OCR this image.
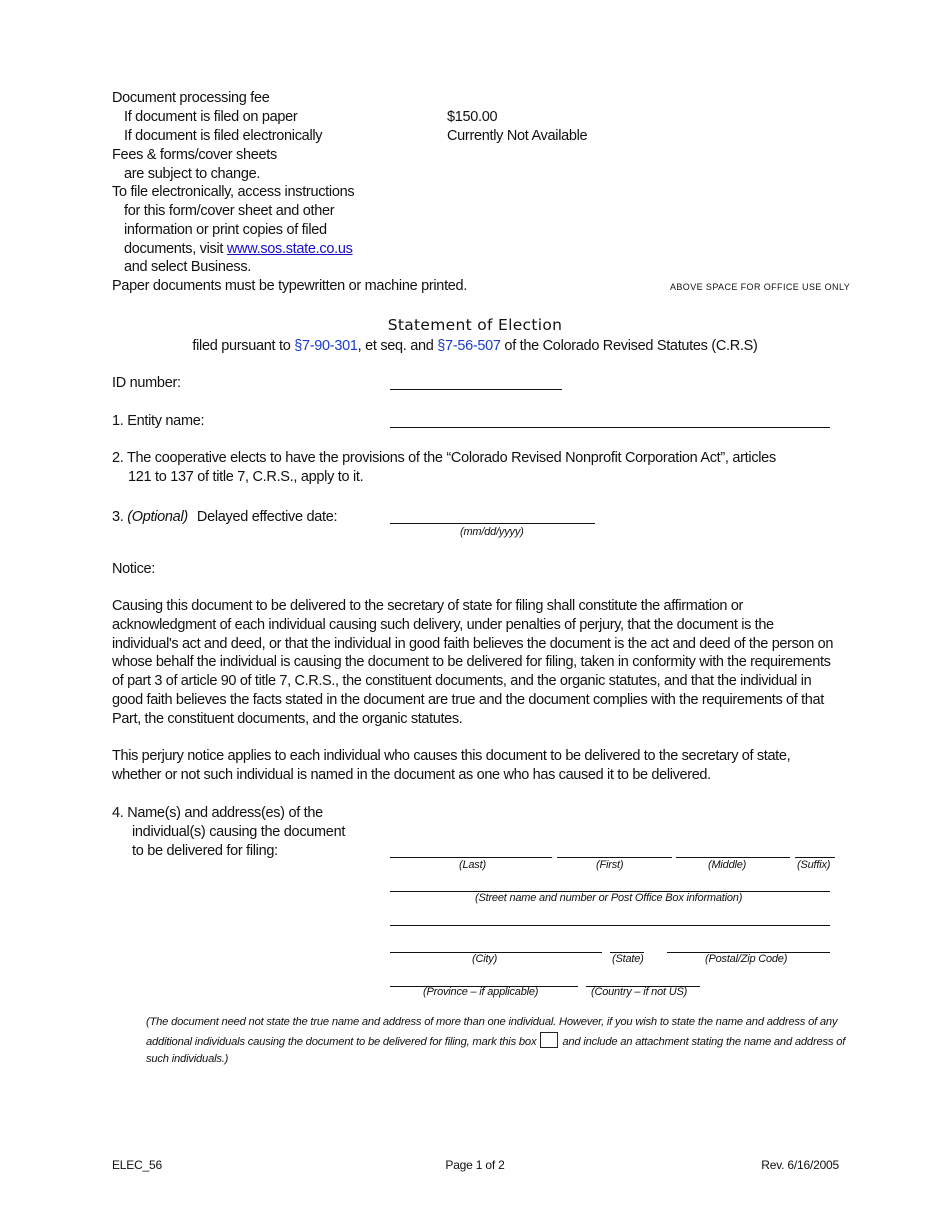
Document processing fee
If document is filed on paper	$150.00
If document is filed electronically	Currently Not Available
Fees & forms/cover sheets
are subject to change.
To file electronically, access instructions
for this form/cover sheet and other
information or print copies of filed
documents, visit www.sos.state.co.us
and select Business.
Paper documents must be typewritten or machine printed.	ABOVE SPACE FOR OFFICE USE ONLY
Statement of Election
filed pursuant to §7-90-301, et seq. and §7-56-507 of the Colorado Revised Statutes (C.R.S)
ID number:
1. Entity name:
2. The cooperative elects to have the provisions of the “Colorado Revised Nonprofit Corporation Act”, articles
121 to 137 of title 7, C.R.S., apply to it.
3. (Optional) Delayed effective date:
(mm/dd/yyyy)
Notice:
Causing this document to be delivered to the secretary of state for filing shall constitute the affirmation or acknowledgment of each individual causing such delivery, under penalties of perjury, that the document is the individual's act and deed, or that the individual in good faith believes the document is the act and deed of the person on whose behalf the individual is causing the document to be delivered for filing, taken in conformity with the requirements of part 3 of article 90 of title 7, C.R.S., the constituent documents, and the organic statutes, and that the individual in good faith believes the facts stated in the document are true and the document complies with the requirements of that Part, the constituent documents, and the organic statutes.
This perjury notice applies to each individual who causes this document to be delivered to the secretary of state, whether or not such individual is named in the document as one who has caused it to be delivered.
4. Name(s) and address(es) of the
individual(s) causing the document
to be delivered for filing:
(Last)	(First)	(Middle)	(Suffix)
(Street name and number or Post Office Box information)
(City)	(State)	(Postal/Zip Code)
(Province – if applicable)	(Country – if not US)
(The document need not state the true name and address of more than one individual. However, if you wish to state the name and address of any additional individuals causing the document to be delivered for filing, mark this box and include an attachment stating the name and address of such individuals.)
ELEC_56	Page 1 of 2	Rev. 6/16/2005
